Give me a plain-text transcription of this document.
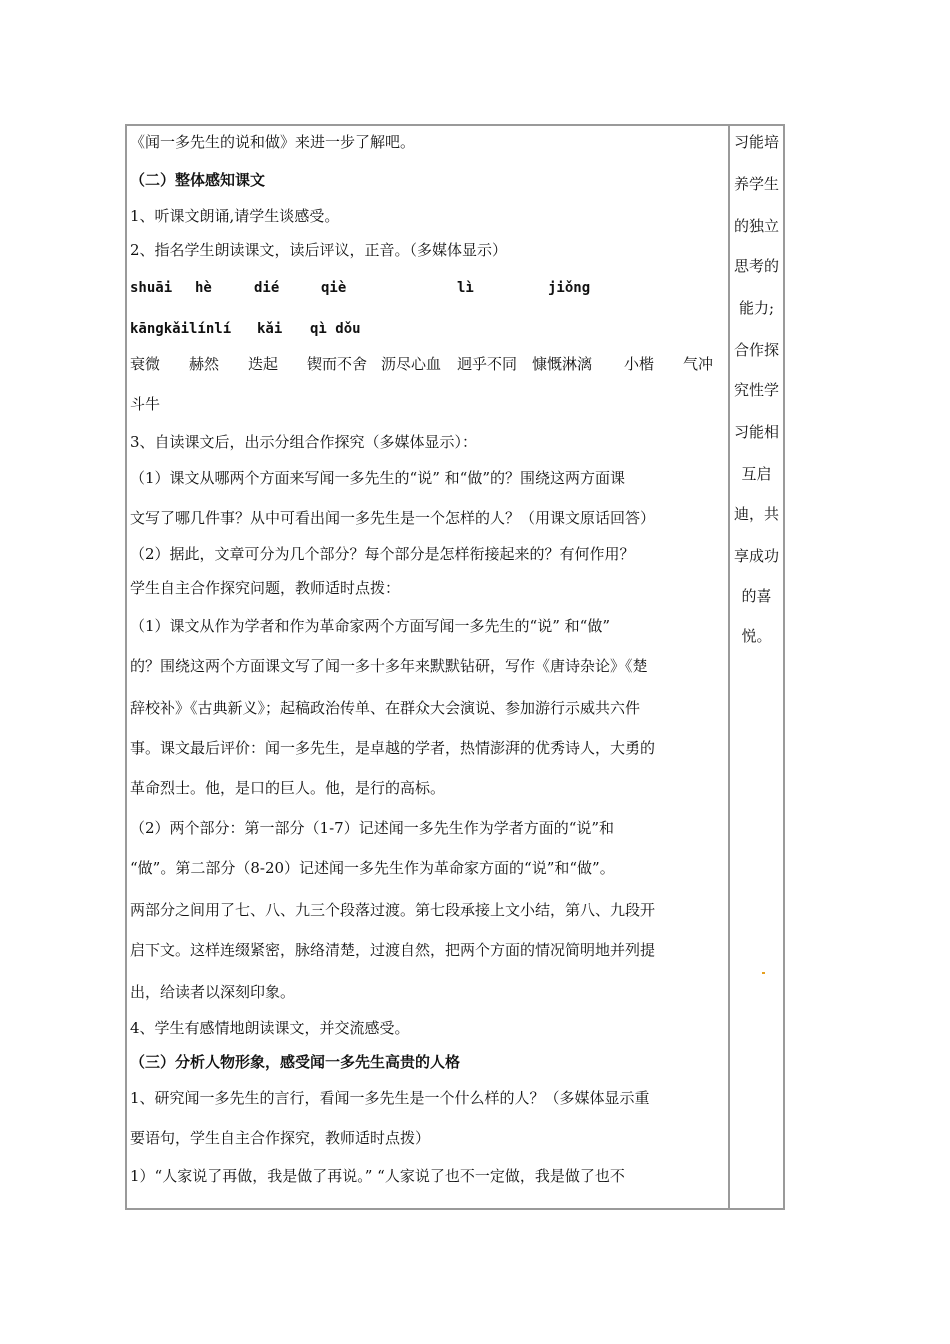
《闻一多先生的说和做》来进一步了解吧。
（二）整体感知课文
1、听课文朗诵,请学生谈感受。
2、指名学生朗读课文，读后评议，正音。（多媒体显示）
shuāi hè	dié	qiè	lì	jiǒng
kāngkǎilínlí kǎi qì dǒu
衰微 赫然 迭起 锲而不舍 沥尽心血 迥乎不同 慷慨淋漓 小楷 气冲
斗牛
3、自读课文后，出示分组合作探究（多媒体显示）：
（1）课文从哪两个方面来写闻一多先生的“说” 和“做”的？围绕这两方面课
文写了哪几件事？从中可看出闻一多先生是一个怎样的人？（用课文原话回答）
（2）据此，文章可分为几个部分？每个部分是怎样衔接起来的？有何作用？
学生自主合作探究问题，教师适时点拨：
（1）课文从作为学者和作为革命家两个方面写闻一多先生的“说” 和“做”
的？围绕这两个方面课文写了闻一多十多年来默默钻研，写作《唐诗杂论》《楚
辞校补》《古典新义》；起稿政治传单、在群众大会演说、参加游行示威共六件
事。课文最后评价：闻一多先生，是卓越的学者，热情澎湃的优秀诗人，大勇的
革命烈士。他，是口的巨人。他，是行的高标。
（2）两个部分：第一部分（1-7）记述闻一多先生作为学者方面的“说”和
“做”。第二部分（8-20）记述闻一多先生作为革命家方面的“说”和“做”。
两部分之间用了七、八、九三个段落过渡。第七段承接上文小结，第八、九段开
启下文。这样连缀紧密，脉络清楚，过渡自然，把两个方面的情况简明地并列提
出，给读者以深刻印象。
4、学生有感情地朗读课文，并交流感受。
（三）分析人物形象，感受闻一多先生高贵的人格
1、研究闻一多先生的言行，看闻一多先生是一个什么样的人？（多媒体显示重
要语句，学生自主合作探究，教师适时点拨）
1）“人家说了再做，我是做了再说。” “人家说了也不一定做，我是做了也不
习能培
养学生
的独立
思考的
能力;
合作探
究性学
习能相
互启
迪，共
享成功
的喜
悦。
